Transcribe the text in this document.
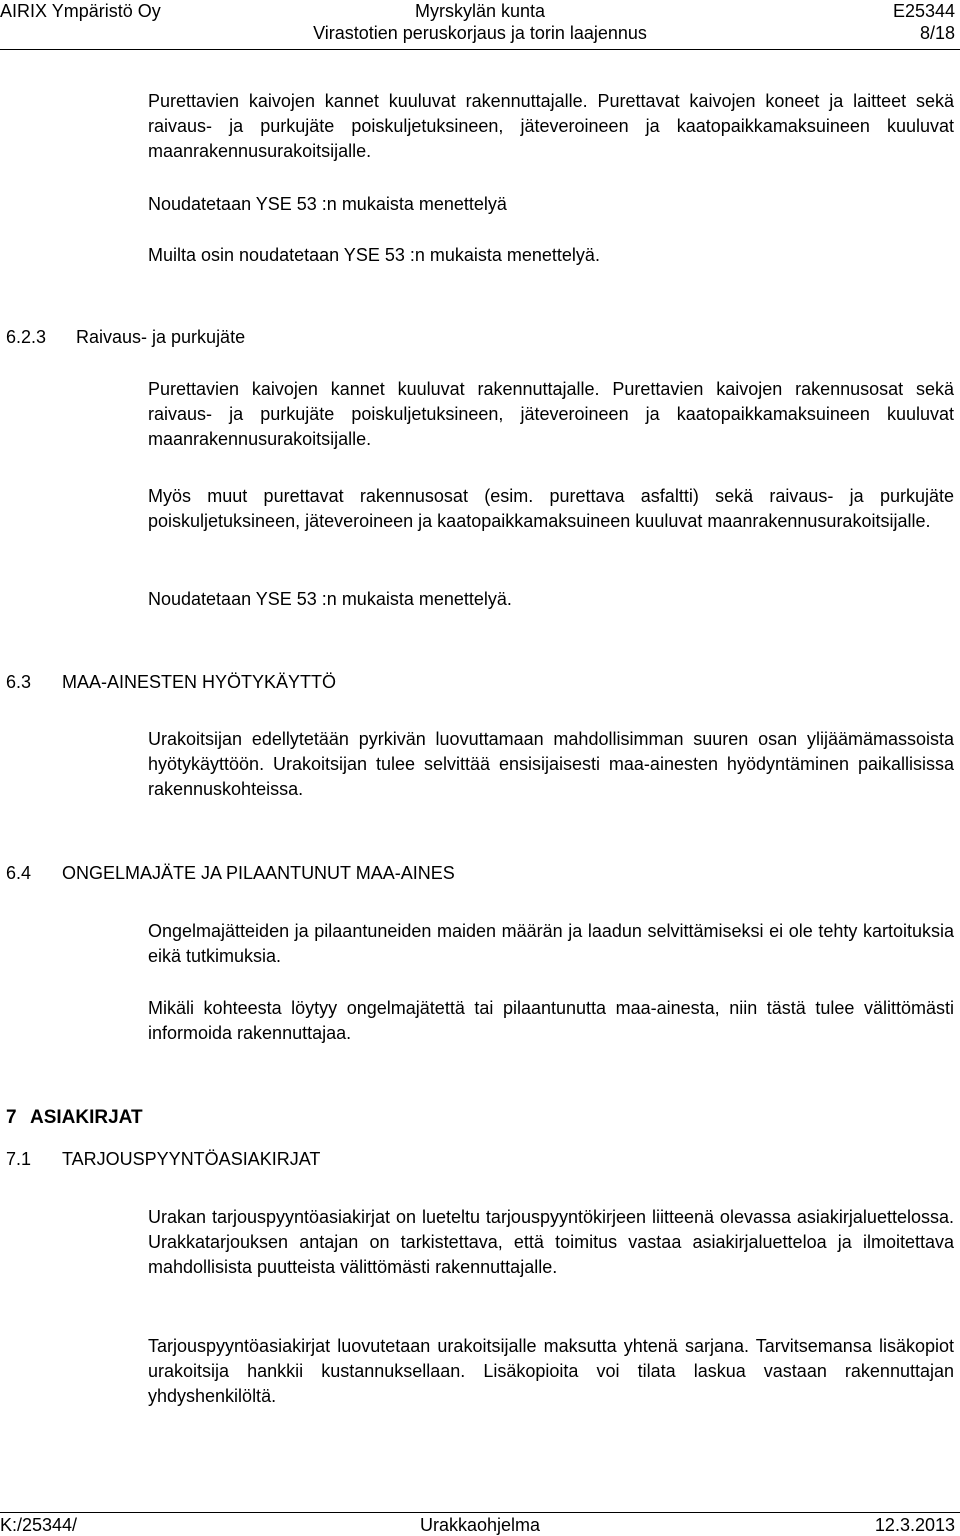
AIRIX Ympäristö Oy	Myrskylän kunta	E25344
Virastotien peruskorjaus ja torin laajennus	8/18

Purettavien kaivojen kannet kuuluvat rakennuttajalle. Purettavat kaivojen koneet ja laitteet sekä raivaus- ja purkujäte poiskuljetuksineen, jäteveroineen ja kaatopaikkamaksuineen kuuluvat maanrakennusurakoitsijalle.

Noudatetaan YSE 53 :n mukaista menettelyä

Muilta osin noudatetaan YSE 53 :n mukaista menettelyä.

6.2.3 Raivaus- ja purkujäte

Purettavien kaivojen kannet kuuluvat rakennuttajalle. Purettavien kaivojen rakennusosat sekä raivaus- ja purkujäte poiskuljetuksineen, jäteveroineen ja kaatopaikkamaksuineen kuuluvat maanrakennusurakoitsijalle.

Myös muut purettavat rakennusosat (esim. purettava asfaltti) sekä raivaus- ja purkujäte poiskuljetuksineen, jäteveroineen ja kaatopaikkamaksuineen kuuluvat maanrakennusurakoitsijalle.

Noudatetaan YSE 53 :n mukaista menettelyä.

6.3 MAA-AINESTEN HYÖTYKÄYTTÖ

Urakoitsijan edellytetään pyrkivän luovuttamaan mahdollisimman suuren osan ylijäämämassoista hyötykäyttöön. Urakoitsijan tulee selvittää ensisijaisesti maa-ainesten hyödyntäminen paikallisissa rakennuskohteissa.

6.4 ONGELMAJÄTE JA PILAANTUNUT MAA-AINES

Ongelmajätteiden ja pilaantuneiden maiden määrän ja laadun selvittämiseksi ei ole tehty kartoituksia eikä tutkimuksia.

Mikäli kohteesta löytyy ongelmajätettä tai pilaantunutta maa-ainesta, niin tästä tulee välittömästi informoida rakennuttajaa.

7 ASIAKIRJAT
7.1 TARJOUSPYYNTÖASIAKIRJAT

Urakan tarjouspyyntöasiakirjat on lueteltu tarjouspyyntökirjeen liitteenä olevassa asiakirjaluettelossa. Urakkatarjouksen antajan on tarkistettava, että toimitus vastaa asiakirjaluetteloa ja ilmoitettava mahdollisista puutteista välittömästi rakennuttajalle.

Tarjouspyyntöasiakirjat luovutetaan urakoitsijalle maksutta yhtenä sarjana. Tarvitsemansa lisäkopiot urakoitsija hankkii kustannuksellaan. Lisäkopioita voi tilata laskua vastaan rakennuttajan yhdyshenkilöltä.

K:/25344/	Urakkaohjelma	12.3.2013
